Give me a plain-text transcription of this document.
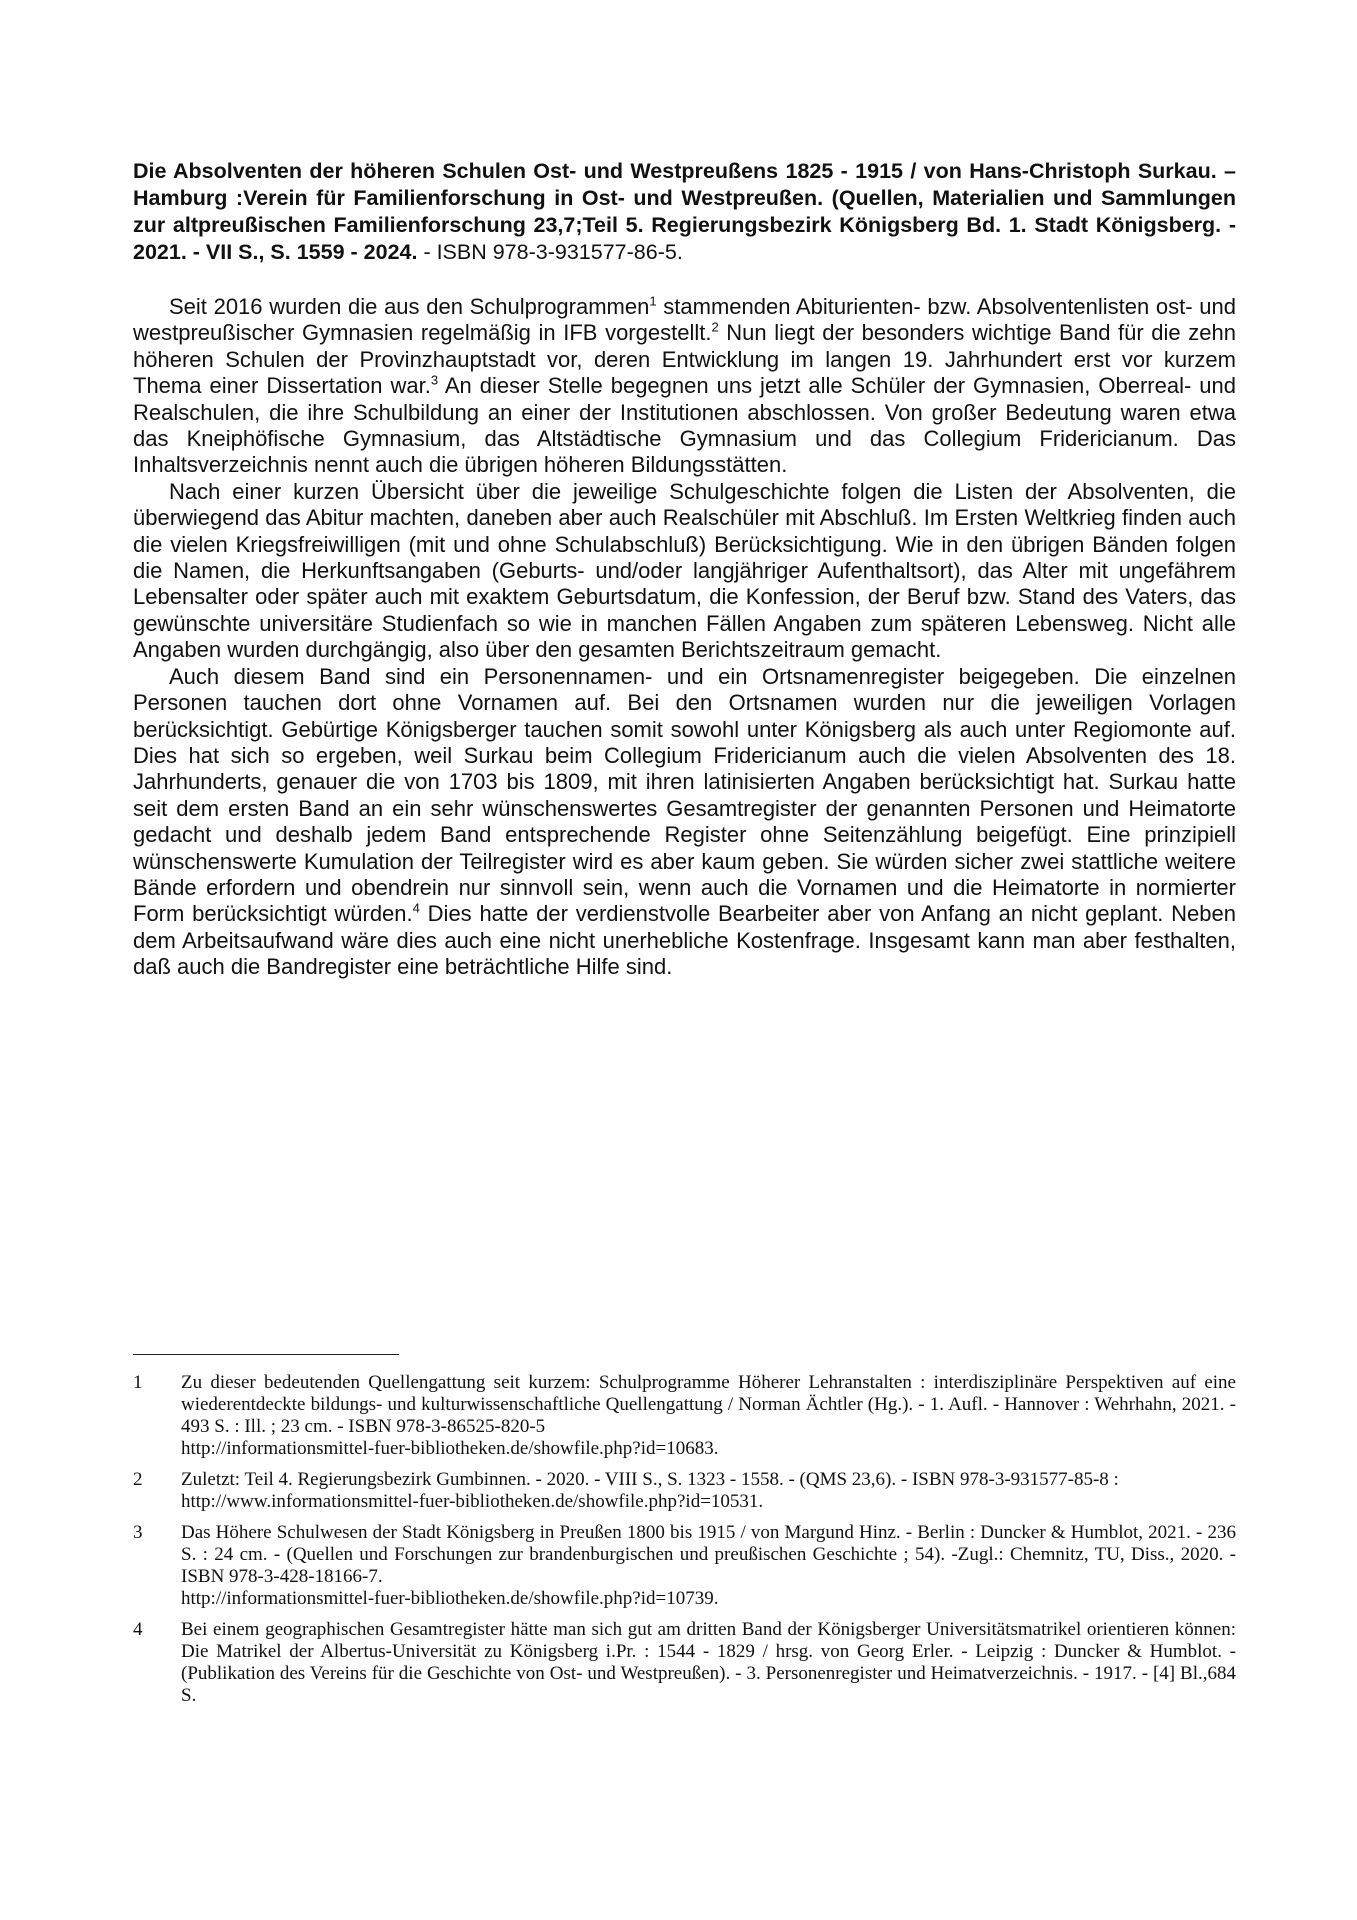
Die Absolventen der höheren Schulen Ost- und Westpreußens 1825 - 1915 / von Hans-Christoph Surkau. – Hamburg :Verein für Familienforschung in Ost- und Westpreußen. (Quellen, Materialien und Sammlungen zur altpreußischen Familienforschung 23,7;Teil 5. Regierungsbezirk Königsberg Bd. 1. Stadt Königsberg. - 2021. - VII S., S. 1559 - 2024. - ISBN 978-3-931577-86-5.

Seit 2016 wurden die aus den Schulprogrammen$^1$ stammenden Abiturienten- bzw. Absolventenlisten ost- und westpreußischer Gymnasien regelmäßig in IFB vorgestellt.$^2$ Nun liegt der besonders wichtige Band für die zehn höheren Schulen der Provinzhauptstadt vor, deren Entwicklung im langen 19. Jahrhundert erst vor kurzem Thema einer Dissertation war.$^3$ An dieser Stelle begegnen uns jetzt alle Schüler der Gymnasien, Oberreal- und Realschulen, die ihre Schulbildung an einer der Institutionen abschlossen. Von großer Bedeutung waren etwa das Kneiphöfische Gymnasium, das Altstädtische Gymnasium und das Collegium Fridericianum. Das Inhaltsverzeichnis nennt auch die übrigen höheren Bildungsstätten.

Nach einer kurzen Übersicht über die jeweilige Schulgeschichte folgen die Listen der Absolventen, die überwiegend das Abitur machten, daneben aber auch Realschüler mit Abschluß. Im Ersten Weltkrieg finden auch die vielen Kriegsfreiwilligen (mit und ohne Schulabschluß) Berücksichtigung. Wie in den übrigen Bänden folgen die Namen, die Herkunftsangaben (Geburts- und/oder langjähriger Aufenthaltsort), das Alter mit ungefährem Lebensalter oder später auch mit exaktem Geburtsdatum, die Konfession, der Beruf bzw. Stand des Vaters, das gewünschte universitäre Studienfach so wie in manchen Fällen Angaben zum späteren Lebensweg. Nicht alle Angaben wurden durchgängig, also über den gesamten Berichtszeitraum gemacht.

Auch diesem Band sind ein Personennamen- und ein Ortsnamenregister beigegeben. Die einzelnen Personen tauchen dort ohne Vornamen auf. Bei den Ortsnamen wurden nur die jeweiligen Vorlagen berücksichtigt. Gebürtige Königsberger tauchen somit sowohl unter Königsberg als auch unter Regiomonte auf. Dies hat sich so ergeben, weil Surkau beim Collegium Fridericianum auch die vielen Absolventen des 18. Jahrhunderts, genauer die von 1703 bis 1809, mit ihren latinisierten Angaben berücksichtigt hat. Surkau hatte seit dem ersten Band an ein sehr wünschenswertes Gesamtregister der genannten Personen und Heimatorte gedacht und deshalb jedem Band entsprechende Register ohne Seitenzählung beigefügt. Eine prinzipiell wünschenswerte Kumulation der Teilregister wird es aber kaum geben. Sie würden sicher zwei stattliche weitere Bände erfordern und obendrein nur sinnvoll sein, wenn auch die Vornamen und die Heimatorte in normierter Form berücksichtigt würden.$^4$ Dies hatte der verdienstvolle Bearbeiter aber von Anfang an nicht geplant. Neben dem Arbeitsaufwand wäre dies auch eine nicht unerhebliche Kostenfrage. Insgesamt kann man aber festhalten, daß auch die Bandregister eine beträchtliche Hilfe sind.

1	Zu dieser bedeutenden Quellengattung seit kurzem: Schulprogramme Höherer Lehranstalten : interdisziplinäre Perspektiven auf eine wiederentdeckte bildungs- und kulturwissenschaftliche Quellengattung / Norman Ächtler (Hg.). - 1. Aufl. - Hannover : Wehrhahn, 2021. - 493 S. : Ill. ; 23 cm. - ISBN 978-3-86525-820-5
http://informationsmittel-fuer-bibliotheken.de/showfile.php?id=10683.
2	Zuletzt: Teil 4. Regierungsbezirk Gumbinnen. - 2020. - VIII S., S. 1323 - 1558. - (QMS 23,6). - ISBN 978-3-931577-85-8 :
http://www.informationsmittel-fuer-bibliotheken.de/showfile.php?id=10531.
3	Das Höhere Schulwesen der Stadt Königsberg in Preußen 1800 bis 1915 / von Margund Hinz. - Berlin : Duncker & Humblot, 2021. - 236 S. : 24 cm. - (Quellen und Forschungen zur brandenburgischen und preußischen Geschichte ; 54). -Zugl.: Chemnitz, TU, Diss., 2020. - ISBN 978-3-428-18166-7.
http://informationsmittel-fuer-bibliotheken.de/showfile.php?id=10739.
4	Bei einem geographischen Gesamtregister hätte man sich gut am dritten Band der Königsberger Universitätsmatrikel orientieren können: Die Matrikel der Albertus-Universität zu Königsberg i.Pr. : 1544 - 1829 / hrsg. von Georg Erler. - Leipzig : Duncker & Humblot. - (Publikation des Vereins für die Geschichte von Ost- und Westpreußen). - 3. Personenregister und Heimatverzeichnis. - 1917. - [4] Bl.,684 S.
